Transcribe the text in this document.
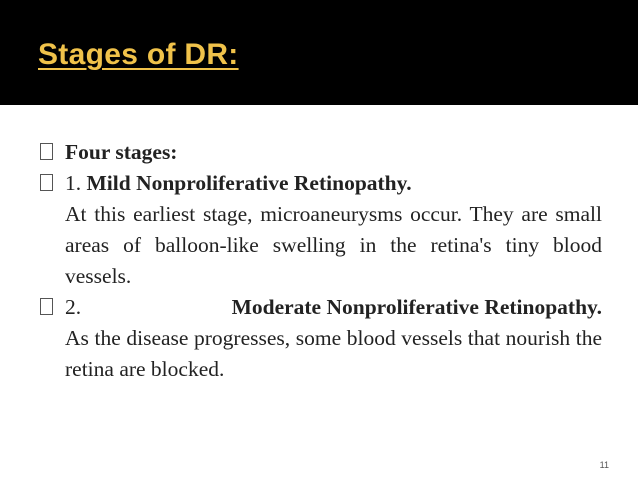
Stages of DR:
Four stages:
1. Mild Nonproliferative Retinopathy.
At this earliest stage, microaneurysms occur. They are small areas of balloon-like swelling in the retina's tiny blood vessels.
2.	Moderate Nonproliferative Retinopathy.
As the disease progresses, some blood vessels that nourish the retina are blocked.
11
